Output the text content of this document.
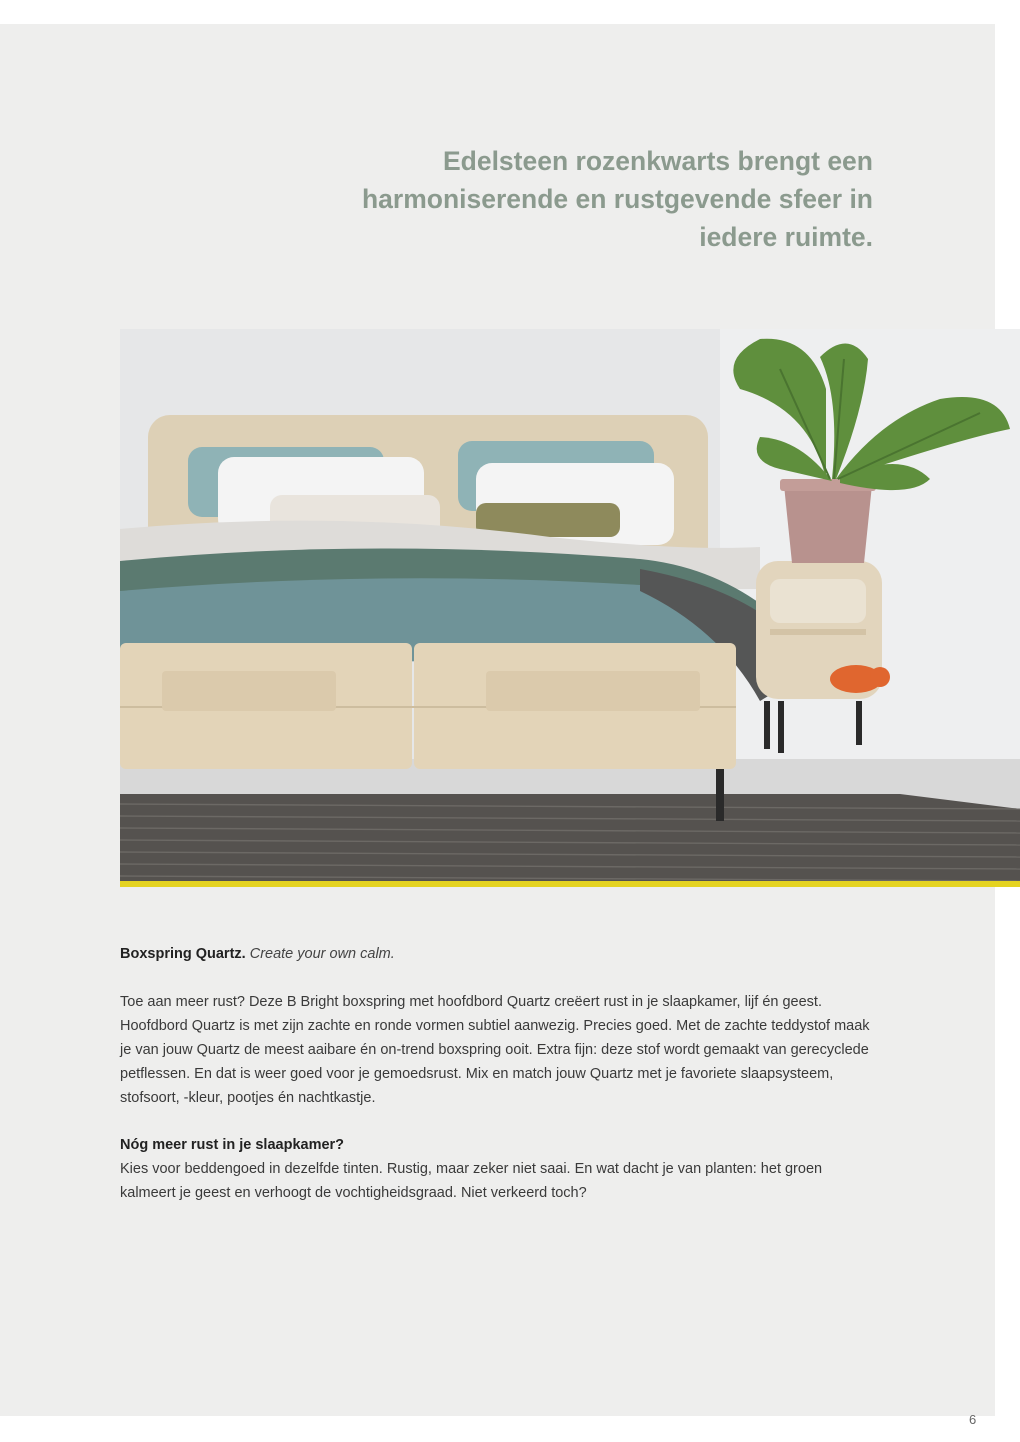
Edelsteen rozenkwarts brengt een harmoniserende en rustgevende sfeer in iedere ruimte.

Boxspring Quartz. Create your own calm.

Toe aan meer rust? Deze B Bright boxspring met hoofdbord Quartz creëert rust in je slaapkamer, lijf én geest. Hoofdbord Quartz is met zijn zachte en ronde vormen subtiel aanwezig. Precies goed. Met de zachte teddystof maak je van jouw Quartz de meest aaibare én on-trend boxspring ooit. Extra fijn: deze stof wordt gemaakt van gerecyclede petflessen. En dat is weer goed voor je gemoedsrust. Mix en match jouw Quartz met je favoriete slaapsysteem, stofsoort, -kleur, pootjes én nachtkastje.

Nóg meer rust in je slaapkamer?

Kies voor beddengoed in dezelfde tinten. Rustig, maar zeker niet saai. En wat dacht je van planten: het groen kalmeert je geest en verhoogt de vochtigheidsgraad. Niet verkeerd toch?

6
